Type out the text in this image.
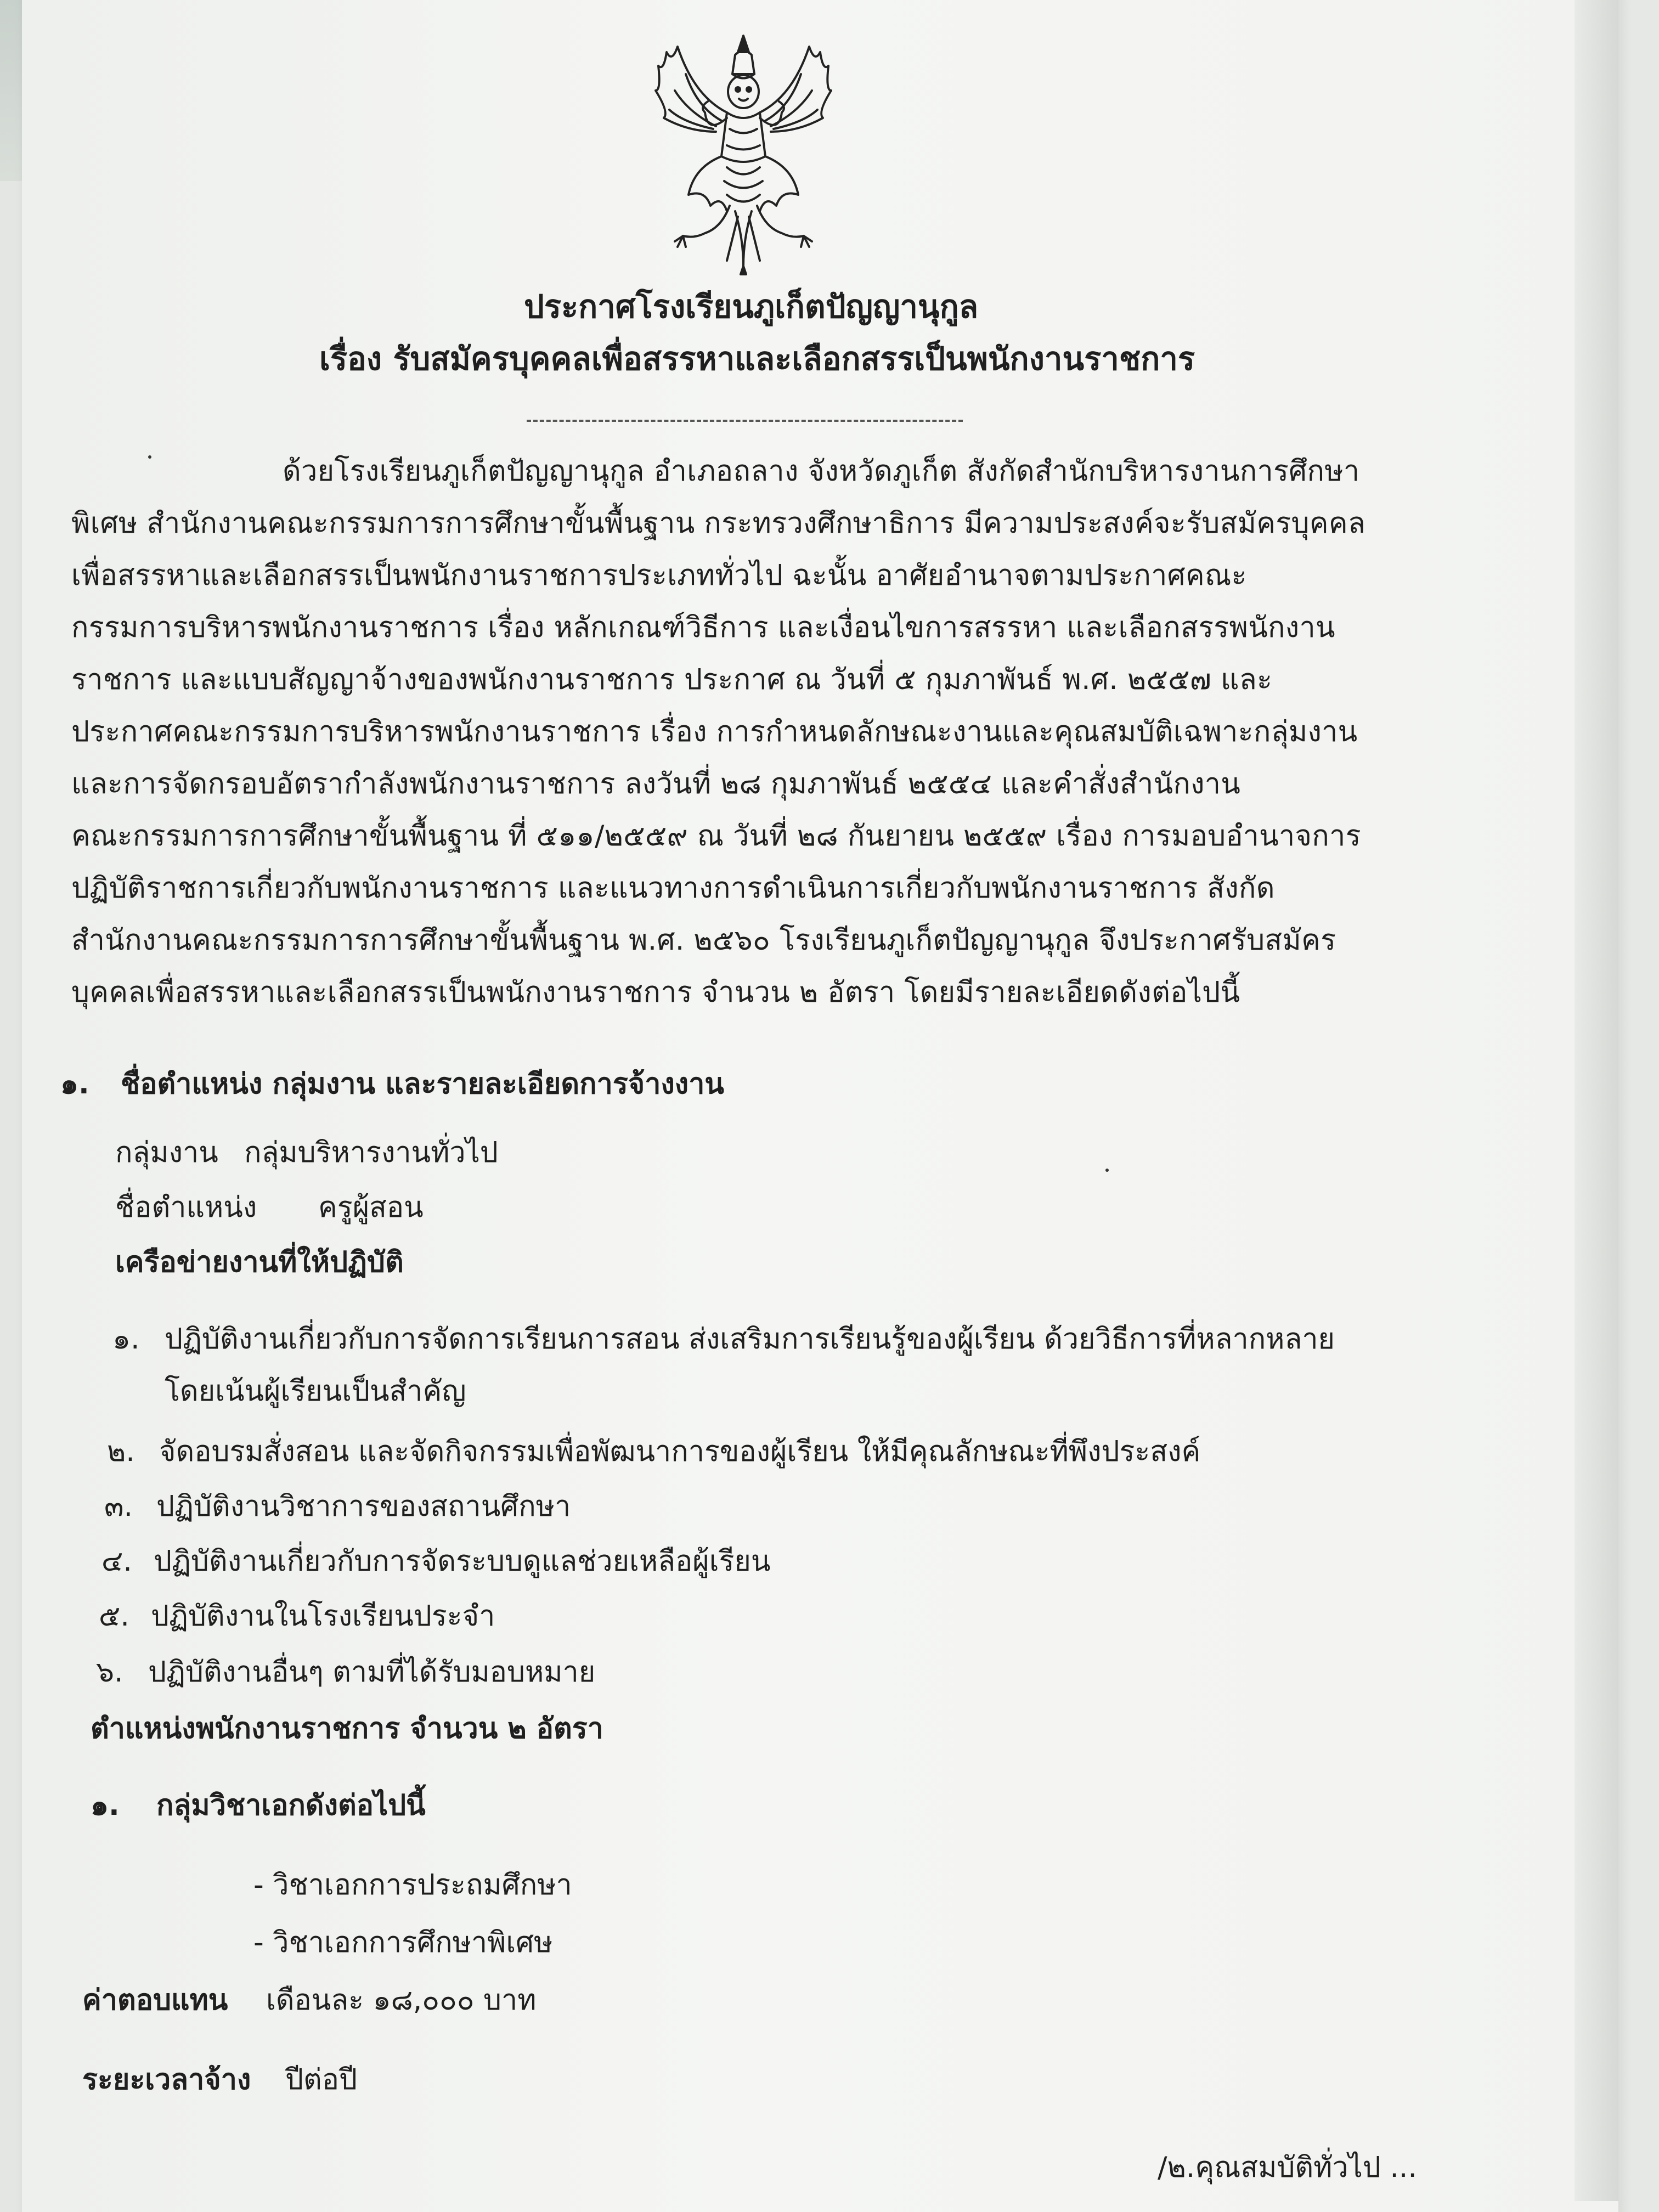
ประกาศโรงเรียนภูเก็ตปัญญานุกูล
เรื่อง รับสมัครบุคคลเพื่อสรรหาและเลือกสรรเป็นพนักงานราชการ
ด้วยโรงเรียนภูเก็ตปัญญานุกูล อำเภอถลาง จังหวัดภูเก็ต สังกัดสำนักบริหารงานการศึกษา
พิเศษ สำนักงานคณะกรรมการการศึกษาขั้นพื้นฐาน กระทรวงศึกษาธิการ มีความประสงค์จะรับสมัครบุคคล
เพื่อสรรหาและเลือกสรรเป็นพนักงานราชการประเภททั่วไป ฉะนั้น อาศัยอำนาจตามประกาศคณะ
กรรมการบริหารพนักงานราชการ เรื่อง หลักเกณฑ์วิธีการ และเงื่อนไขการสรรหา และเลือกสรรพนักงาน
ราชการ และแบบสัญญาจ้างของพนักงานราชการ ประกาศ ณ วันที่ ๕ กุมภาพันธ์ พ.ศ. ๒๕๕๗ และ
ประกาศคณะกรรมการบริหารพนักงานราชการ เรื่อง การกำหนดลักษณะงานและคุณสมบัติเฉพาะกลุ่มงาน
และการจัดกรอบอัตรากำลังพนักงานราชการ ลงวันที่ ๒๘ กุมภาพันธ์ ๒๕๕๔ และคำสั่งสำนักงาน
คณะกรรมการการศึกษาขั้นพื้นฐาน ที่ ๕๑๑/๒๕๕๙ ณ วันที่ ๒๘ กันยายน ๒๕๕๙ เรื่อง การมอบอำนาจการ
ปฏิบัติราชการเกี่ยวกับพนักงานราชการ และแนวทางการดำเนินการเกี่ยวกับพนักงานราชการ สังกัด
สำนักงานคณะกรรมการการศึกษาขั้นพื้นฐาน พ.ศ. ๒๕๖๐ โรงเรียนภูเก็ตปัญญานุกูล จึงประกาศรับสมัคร
บุคคลเพื่อสรรหาและเลือกสรรเป็นพนักงานราชการ จำนวน ๒ อัตรา โดยมีรายละเอียดดังต่อไปนี้
๑. ชื่อตำแหน่ง กลุ่มงาน และรายละเอียดการจ้างงาน
กลุ่มงาน กลุ่มบริหารงานทั่วไป
ชื่อตำแหน่ง ครูผู้สอน
เครือข่ายงานที่ให้ปฏิบัติ
๑. ปฏิบัติงานเกี่ยวกับการจัดการเรียนการสอน ส่งเสริมการเรียนรู้ของผู้เรียน ด้วยวิธีการที่หลากหลาย
โดยเน้นผู้เรียนเป็นสำคัญ
๒. จัดอบรมสั่งสอน และจัดกิจกรรมเพื่อพัฒนาการของผู้เรียน ให้มีคุณลักษณะที่พึงประสงค์
๓. ปฏิบัติงานวิชาการของสถานศึกษา
๔. ปฏิบัติงานเกี่ยวกับการจัดระบบดูแลช่วยเหลือผู้เรียน
๕. ปฏิบัติงานในโรงเรียนประจำ
๖. ปฏิบัติงานอื่นๆ ตามที่ได้รับมอบหมาย
ตำแหน่งพนักงานราชการ จำนวน ๒ อัตรา
๑. กลุ่มวิชาเอกดังต่อไปนี้
- วิชาเอกการประถมศึกษา
- วิชาเอกการศึกษาพิเศษ
ค่าตอบแทน เดือนละ ๑๘,๐๐๐ บาท
ระยะเวลาจ้าง ปีต่อปี
/๒.คุณสมบัติทั่วไป ...
